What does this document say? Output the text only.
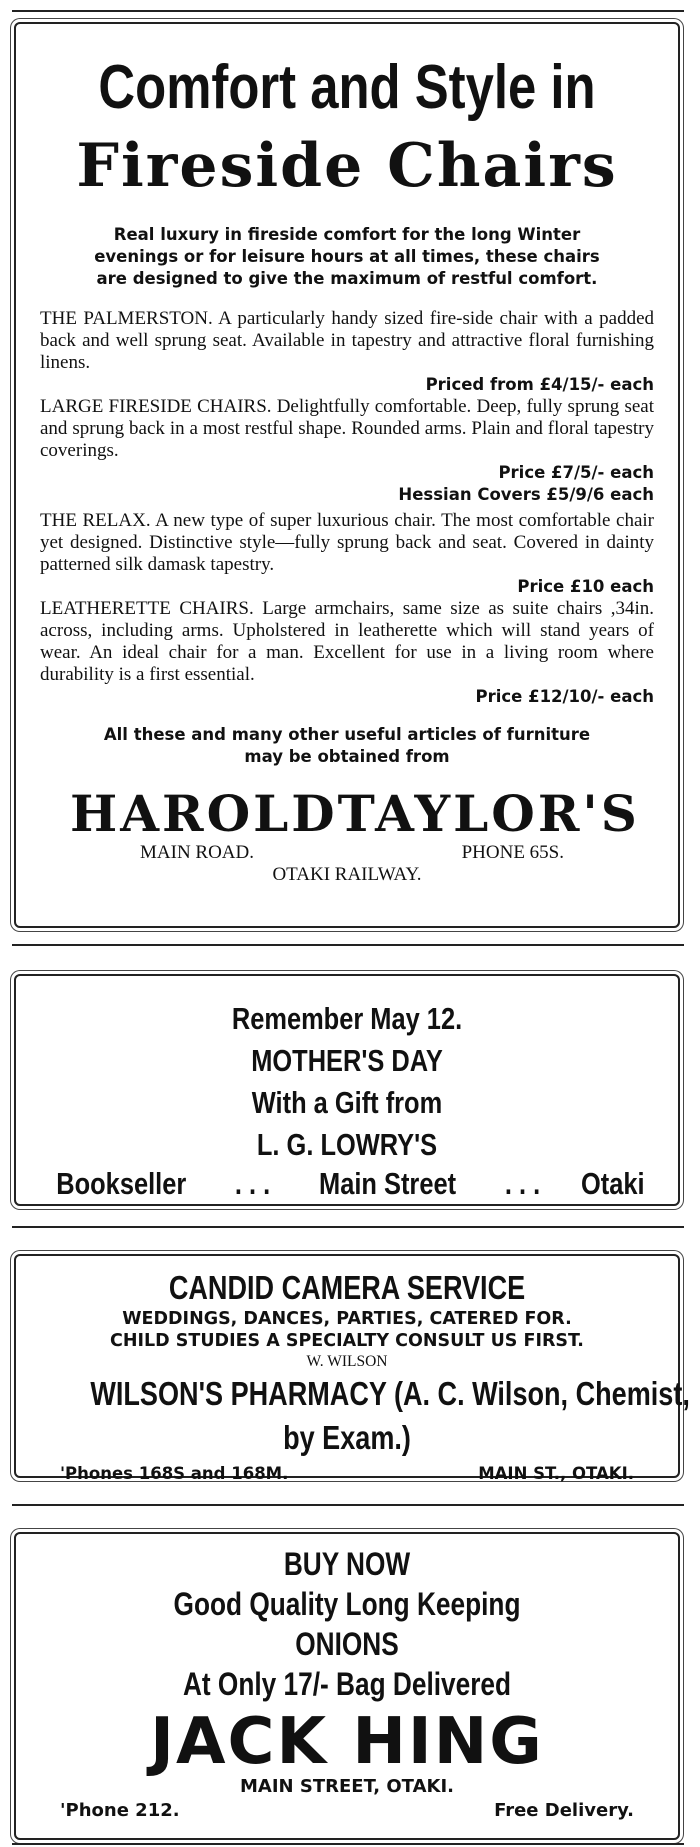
Comfort and Style in
Fireside Chairs
Real luxury in fireside comfort for the long Winter
evenings or for leisure hours at all times, these chairs
are designed to give the maximum of restful comfort.

THE PALMERSTON. A particularly handy sized fire-side chair with a padded back and well sprung seat. Available in tapestry and attractive floral furnishing linens.

Priced from £4/15/- each

LARGE FIRESIDE CHAIRS. Delightfully comfortable. Deep, fully sprung seat and sprung back in a most restful shape. Rounded arms. Plain and floral tapestry coverings.

Price £7/5/- each
Hessian Covers £5/9/6 each

THE RELAX. A new type of super luxurious chair. The most comfortable chair yet designed. Distinctive style—fully sprung back and seat. Covered in dainty patterned silk damask tapestry.

Price £10 each

LEATHERETTE CHAIRS. Large armchairs, same size as suite chairs ,34in. across, including arms. Upholstered in leatherette which will stand years of wear. An ideal chair for a man. Excellent for use in a living room where durability is a first essential.

Price £12/10/- each
All these and many other useful articles of furniture
may be obtained from
HAROLD TAYLOR'S
MAIN ROAD.	PHONE 65S.
OTAKI RAILWAY.
Remember May 12.
MOTHER'S DAY
With a Gift from
L. G. LOWRY'S
Bookseller . . . Main Street . . . Otaki
CANDID CAMERA SERVICE
WEDDINGS, DANCES, PARTIES, CATERED FOR.
CHILD STUDIES A SPECIALTY CONSULT US FIRST.
W. WILSON
WILSON'S PHARMACY (A. C. Wilson, Chemist,
by Exam.)
'Phones 168S and 168M.	MAIN ST., OTAKI.
BUY NOW
Good Quality Long Keeping
ONIONS
At Only 17/- Bag Delivered
JACK HING
MAIN STREET, OTAKI.
'Phone 212.	Free Delivery.
